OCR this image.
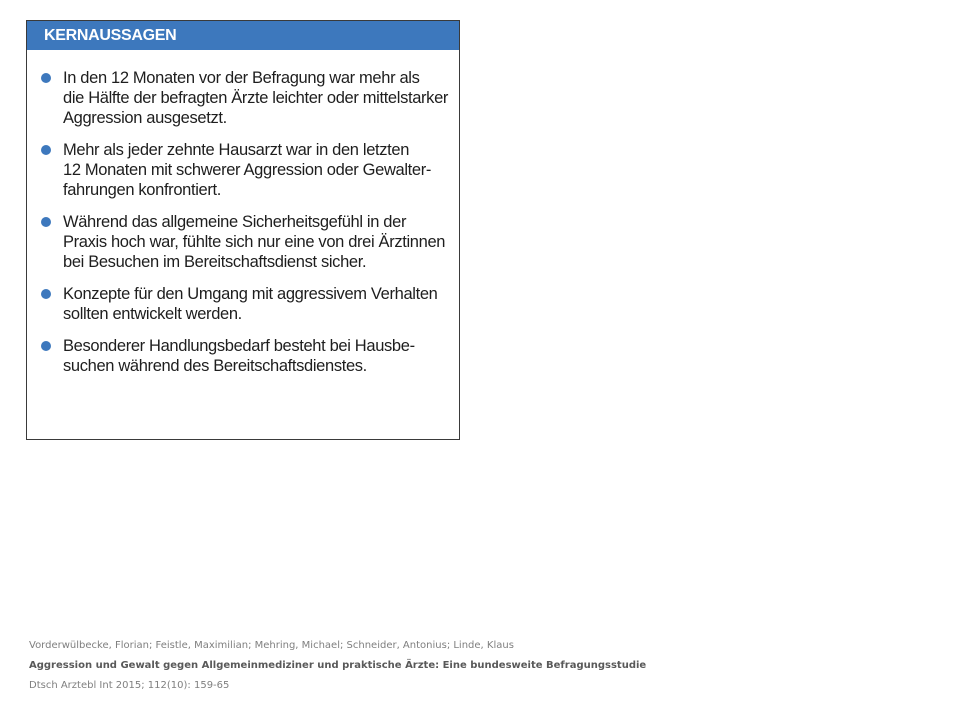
KERNAUSSAGEN
In den 12 Monaten vor der Befragung war mehr als
die Hälfte der befragten Ärzte leichter oder mittelstarker
Aggression ausgesetzt.
Mehr als jeder zehnte Hausarzt war in den letzten
12 Monaten mit schwerer Aggression oder Gewalter-
fahrungen konfrontiert.
Während das allgemeine Sicherheitsgefühl in der
Praxis hoch war, fühlte sich nur eine von drei Ärztinnen
bei Besuchen im Bereitschaftsdienst sicher.
Konzepte für den Umgang mit aggressivem Verhalten
sollten entwickelt werden.
Besonderer Handlungsbedarf besteht bei Hausbe-
suchen während des Bereitschaftsdienstes.
Vorderwülbecke, Florian; Feistle, Maximilian; Mehring, Michael; Schneider, Antonius; Linde, Klaus
Aggression und Gewalt gegen Allgemeinmediziner und praktische Ärzte: Eine bundesweite Befragungsstudie
Dtsch Arztebl Int 2015; 112(10): 159-65
